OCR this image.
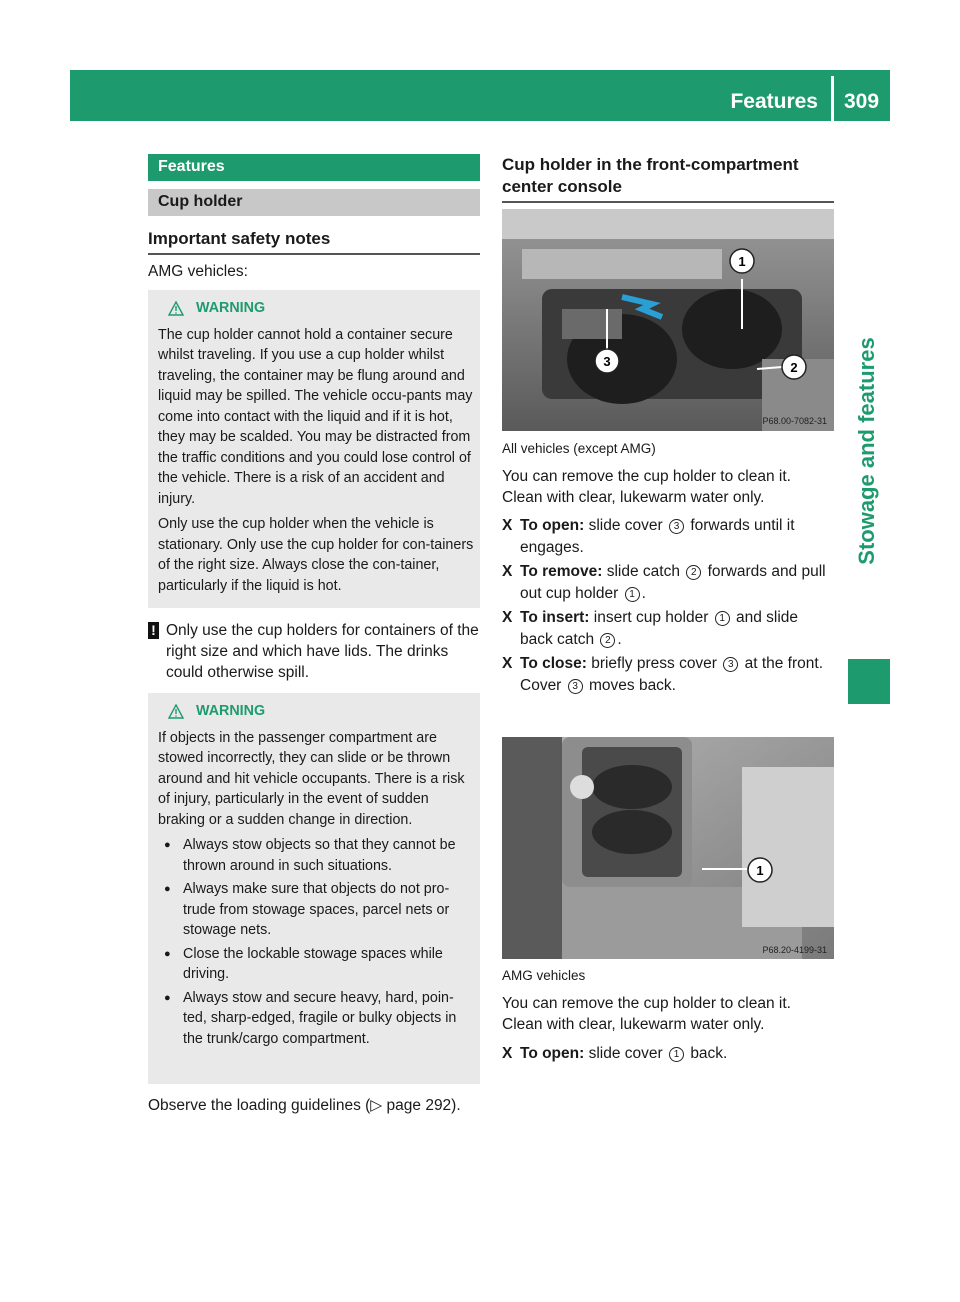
Features 309
Stowage and features
Features
Cup holder
Important safety notes
AMG vehicles:
WARNING

The cup holder cannot hold a container secure whilst traveling. If you use a cup holder whilst traveling, the container may be flung around and liquid may be spilled. The vehicle occu-pants may come into contact with the liquid and if it is hot, they may be scalded. You may be distracted from the traffic conditions and you could lose control of the vehicle. There is a risk of an accident and injury.

Only use the cup holder when the vehicle is stationary. Only use the cup holder for con-tainers of the right size. Always close the con-tainer, particularly if the liquid is hot.

! Only use the cup holders for containers of the right size and which have lids. The drinks could otherwise spill.
WARNING

If objects in the passenger compartment are stowed incorrectly, they can slide or be thrown around and hit vehicle occupants. There is a risk of injury, particularly in the event of sudden braking or a sudden change in direction.

● Always stow objects so that they cannot be thrown around in such situations.
● Always make sure that objects do not pro-trude from stowage spaces, parcel nets or stowage nets.
● Close the lockable stowage spaces while driving.
● Always stow and secure heavy, hard, poin-ted, sharp-edged, fragile or bulky objects in the trunk/cargo compartment.
Observe the loading guidelines (▷ page 292).
Cup holder in the front-compartment
center console
1
2
3
P68.00-7082-31
All vehicles (except AMG)
You can remove the cup holder to clean it.
Clean with clear, lukewarm water only.
X To open: slide cover 3 forwards until it engages.
X To remove: slide catch 2 forwards and pull out cup holder 1 .
X To insert: insert cup holder 1 and slide back catch 2 .
X To close: briefly press cover 3 at the front.
Cover 3 moves back.
1
P68.20-4199-31
AMG vehicles
You can remove the cup holder to clean it.
Clean with clear, lukewarm water only.
X To open: slide cover 1 back.
